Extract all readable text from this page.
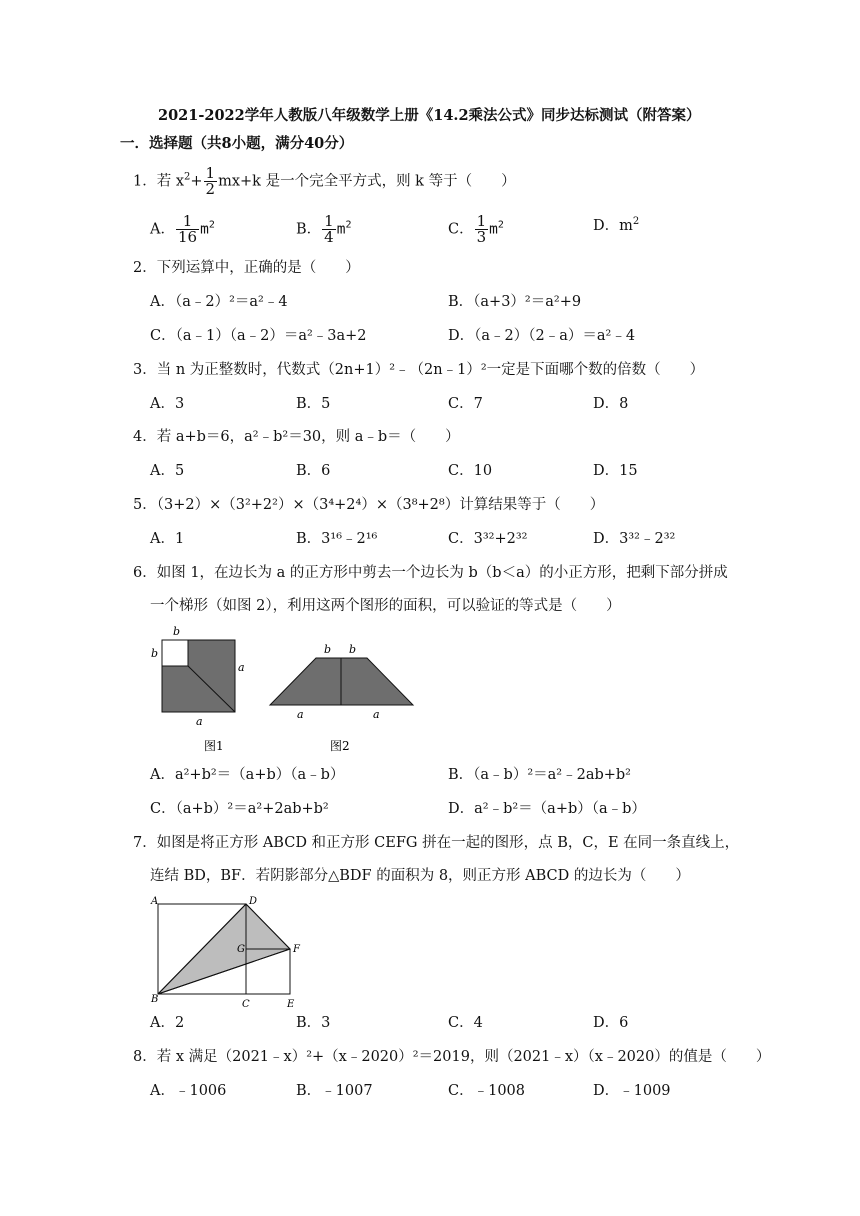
2021-2022学年人教版八年级数学上册《14.2乘法公式》同步达标测试（附答案）
一．选择题（共8小题，满分40分）
1．若 $x^2+ \frac{1}{2} mx+k$ 是一个完全平方式，则 k 等于（　　）
A． $\frac{1}{16} m^2$	B． $\frac{1}{4} m^2$	C． $\frac{1}{3} m^2$	D．$m^2$
2．下列运算中，正确的是（　　）
A．（a﹣2）²＝a²﹣4	B．（a+3）²＝a²+9
C．（a﹣1）（a﹣2）＝a²﹣3a+2	D．（a﹣2）（2﹣a）＝a²﹣4
3．当 n 为正整数时，代数式（2n+1）²﹣（2n﹣1）²一定是下面哪个数的倍数（　　）
A．3	B．5	C．7	D．8
4．若 a+b＝6，a²﹣b²＝30，则 a﹣b＝（　　）
A．5	B．6	C．10	D．15
5．（3+2）×（3²+2²）×（3⁴+2⁴）×（3⁸+2⁸）计算结果等于（　　）
A．1	B．3¹⁶﹣2¹⁶	C．3³²+2³²	D．3³²﹣2³²
6．如图 1，在边长为 a 的正方形中剪去一个边长为 b（b＜a）的小正方形，把剩下部分拼成
一个梯形（如图 2），利用这两个图形的面积，可以验证的等式是（　　）
b
b
a
a
b b
a	a
图1	图2
A．a²+b²＝（a+b）（a﹣b）	B．（a﹣b）²＝a²﹣2ab+b²
C．（a+b）²＝a²+2ab+b²	D．a²﹣b²＝（a+b）（a﹣b）
7．如图是将正方形 ABCD 和正方形 CEFG 拼在一起的图形，点 B，C，E 在同一条直线上，
连结 BD，BF．若阴影部分△BDF 的面积为 8，则正方形 ABCD 的边长为（　　）
A	D
G	F
B	C	E
A．2	B．3	C．4	D．6
8．若 x 满足（2021﹣x）²+（x﹣2020）²＝2019，则（2021﹣x）（x﹣2020）的值是（　　）
A．﹣1006	B．﹣1007	C．﹣1008	D．﹣1009
